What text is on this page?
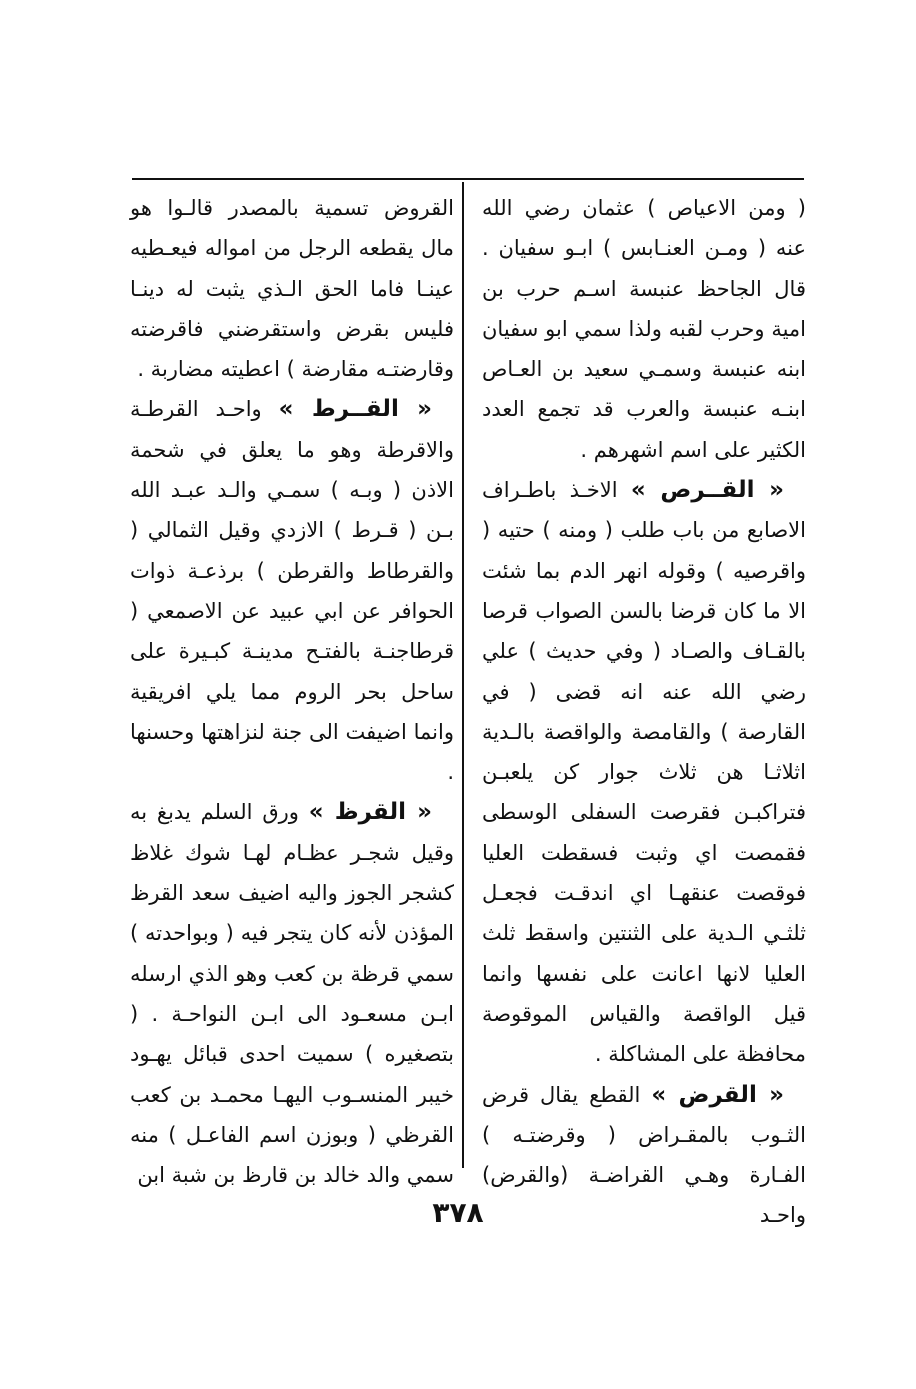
( ومن الاعياص ) عثمان رضي الله عنه ( ومـن العنـابس ) ابـو سفيان . قال الجاحظ عنبسة اسـم حرب بن امية وحرب لقبه ولذا سمي ابو سفيان ابنه عنبسة وسمـي سعيد بن العـاص ابنـه عنبسة والعرب قد تجمع العدد الكثير على اسم اشهرهم .

« القــرص » الاخـذ باطـراف الاصابع من باب طلب ( ومنه ) حتيه ( واقرصيه ) وقوله انهر الدم بما شئت الا ما كان قرضا بالسن الصواب قرصا بالقـاف والصـاد ( وفي حديث ) علي رضي الله عنه انه قضى ( في القارصة ) والقامصة والواقصة بالـدية اثلاثـا هن ثلاث جوار كن يلعبـن فتراكبـن فقرصت السفلى الوسطى فقمصت اي وثبت فسقطت العليا فوقصت عنقهـا اي اندقـت فجعـل ثلثـي الـدية على الثنتين واسقط ثلث العليا لانها اعانت على نفسها وانما قيل الواقصة والقياس الموقوصة محافظة على المشاكلة .

« القرض » القطع يقال قرض الثـوب بالمقـراض ( وقرضتـه ) الفـارة وهـي القراضـة (والقرض) واحـد

القروض تسمية بالمصدر قالـوا هو مال يقطعه الرجل من امواله فيعـطيه عينـا فاما الحق الـذي يثبت له دينـا فليس بقرض واستقرضني فاقرضته وقارضتـه مقارضة ) اعطيته مضاربة .

« القــرط » واحـد القرطـة والاقرطة وهو ما يعلق في شحمة الاذن ( وبـه ) سمـي والـد عبـد الله بـن ( قـرط ) الازدي وقيل الثمالي ( والقرطاط والقرطن ) برذعـة ذوات الحوافر عن ابي عبيد عن الاصمعي ( قرطاجنـة بالفتـح مدينـة كبـيرة على ساحل بحر الروم مما يلي افريقية وانما اضيفت الى جنة لنزاهتها وحسنها .

« القرظ » ورق السلم يدبغ به وقيل شجـر عظـام لهـا شوك غلاظ كشجر الجوز واليه اضيف سعد القرظ المؤذن لأنه كان يتجر فيه ( وبواحدته ) سمي قرظة بن كعب وهو الذي ارسله ابـن مسعـود الى ابـن النواحـة . ( بتصغيره ) سميت احدى قبائل يهـود خيبر المنسـوب اليهـا محمـد بن كعب القرظي ( وبوزن اسم الفاعـل ) منه سمي والد خالد بن قارظ بن شبة ابن

٣٧٨
